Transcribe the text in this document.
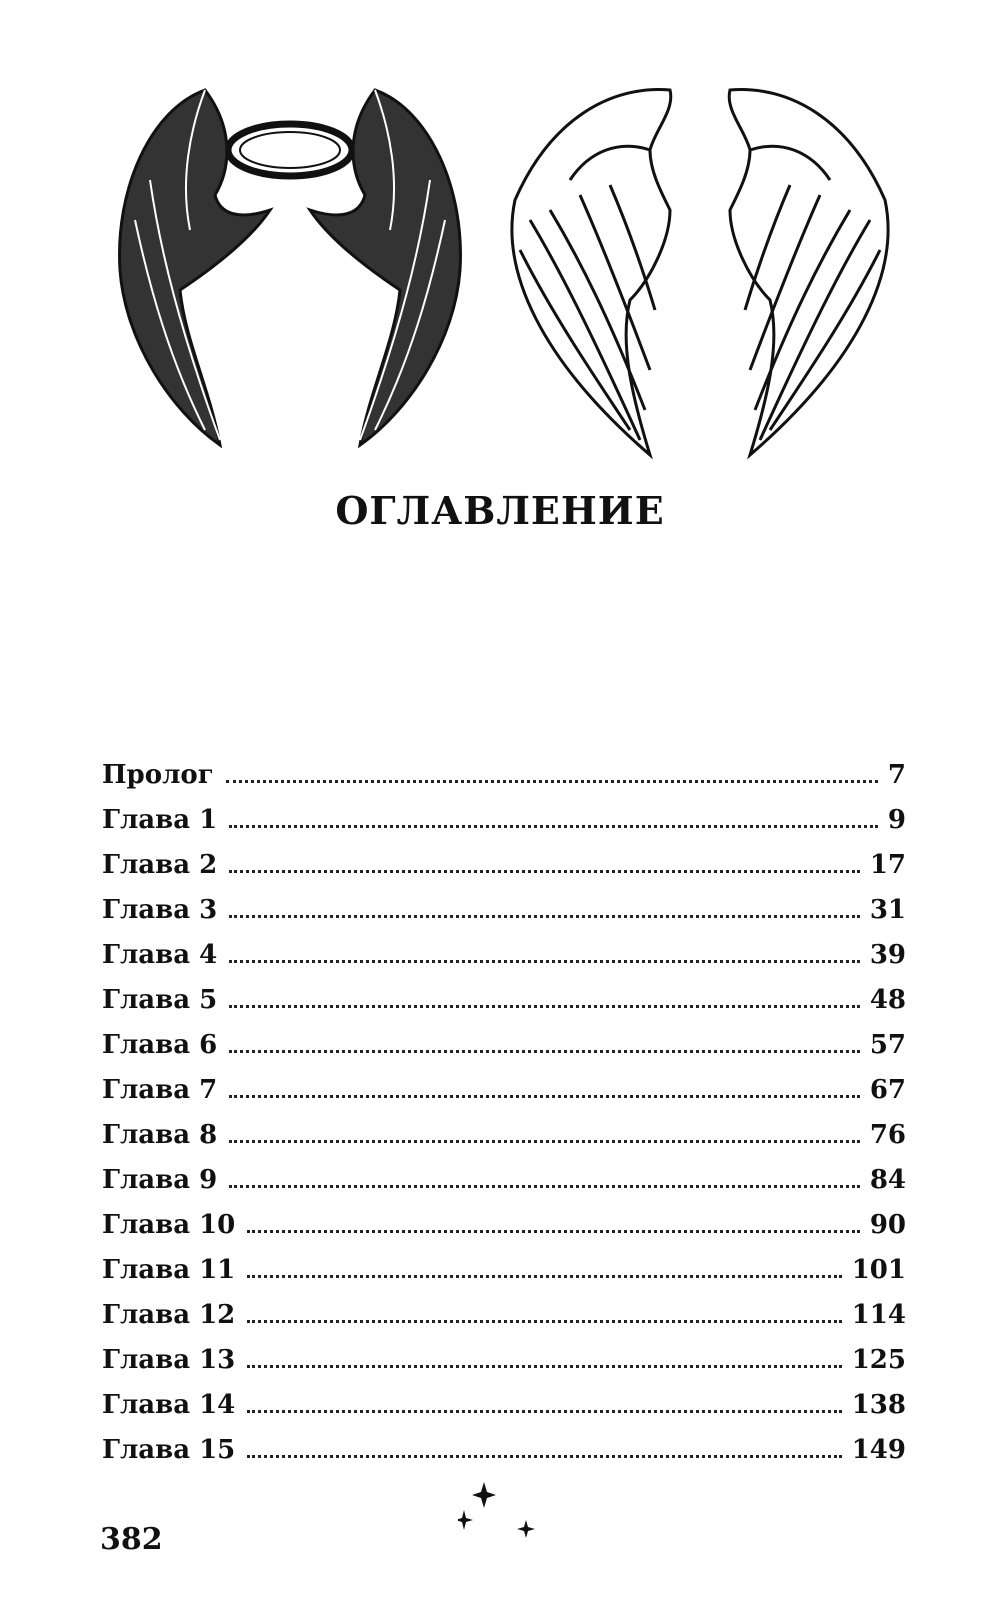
ОГЛАВЛЕНИЕ
Пролог	7
Глава 1	9
Глава 2	17
Глава 3	31
Глава 4	39
Глава 5	48
Глава 6	57
Глава 7	67
Глава 8	76
Глава 9	84
Глава 10	90
Глава 11	101
Глава 12	114
Глава 13	125
Глава 14	138
Глава 15	149
382
